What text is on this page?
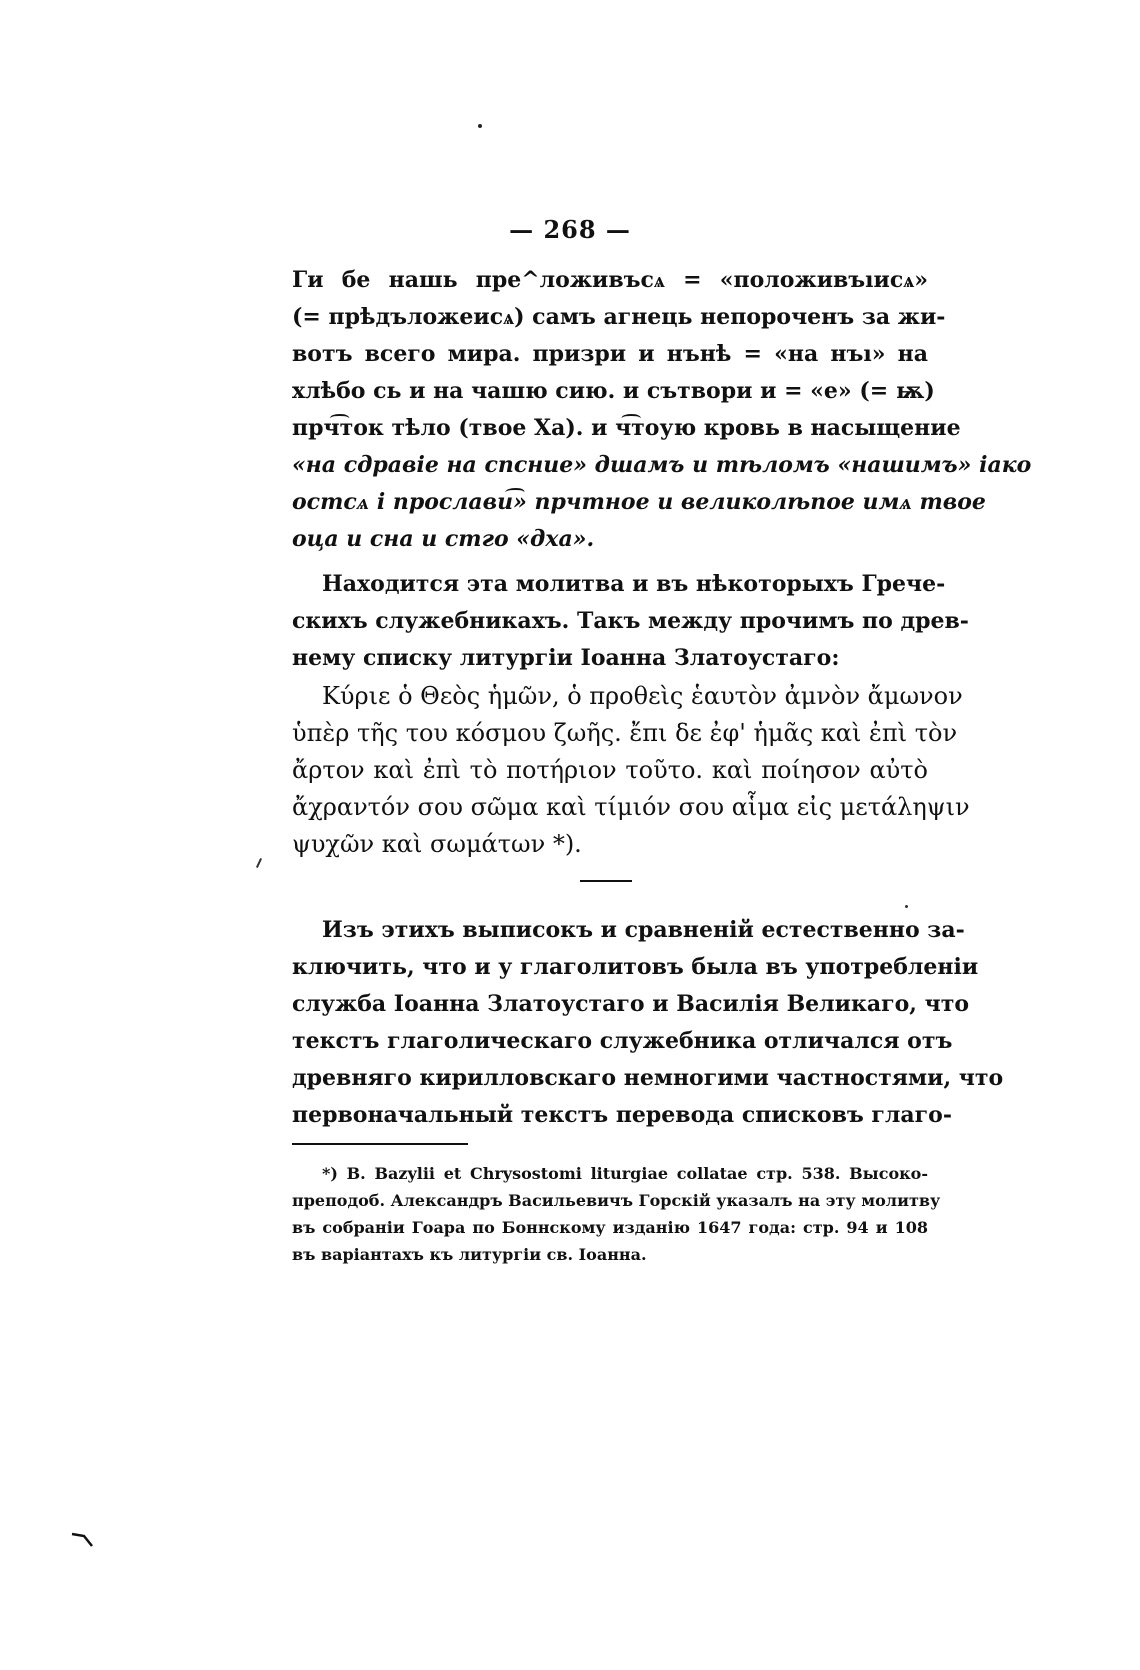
— 268 —
Ги бе нашь пре^ложивъсѧ = «положивъıисѧ»
(= прѣдъложеисѧ) самъ агнець непороченъ за жи-
вотъ всего мира. призри и нънѣ = «на нъı» на
хлѣбо сь и на чашю сию. и сътвори и = «е» (= ѭ)
прч͡ток тѣло (твое Ха). и ч͡тоую кровь в насыщение
«на сдравіе на спсние» дшамъ и тѣломъ «нашимъ» іако
остсѧ і прослави͡» прчтное и великолѣпое имѧ твое
оца и сна и стго «дха».
Находится эта молитва и въ нѣкоторыхъ Грече-
скихъ служебникахъ. Такъ между прочимъ по древ-
нему списку литургіи Іоанна Златоустаго:
Κύριε ὁ Θεὸς ἡμῶν, ὁ προθεὶς ἑαυτὸν ἀμνὸν ἄμωνον
ὑπὲρ τῆς του κόσμου ζωῆς. ἔπι δε ἐφ' ἡμᾶς καὶ ἐπὶ τὸν
ἄρτον καὶ ἐπὶ τὸ ποτήριον τοῦτο. καὶ ποίησον αὐτὸ
ἄχραντόν σου σῶμα καὶ τίμιόν σου αἷμα εἰς μετάληψιν
ψυχῶν καὶ σωμάτων *).
Изъ этихъ выписокъ и сравненій естественно за-
ключить, что и у глаголитовъ была въ употребленіи
служба Іоанна Златоустаго и Василія Великаго, что
текстъ глаголическаго служебника отличался отъ
древняго кирилловскаго немногими частностями, что
первоначальный текстъ перевода списковъ глаго-
*) B. Bazylii et Chrysostomi liturgiae collatae стр. 538. Высоко-
преподоб. Александръ Васильевичъ Горскій указалъ на эту молитву
въ собраніи Гоара по Боннскому изданію 1647 года: стр. 94 и 108
въ варіантахъ къ литургіи св. Іоанна.
